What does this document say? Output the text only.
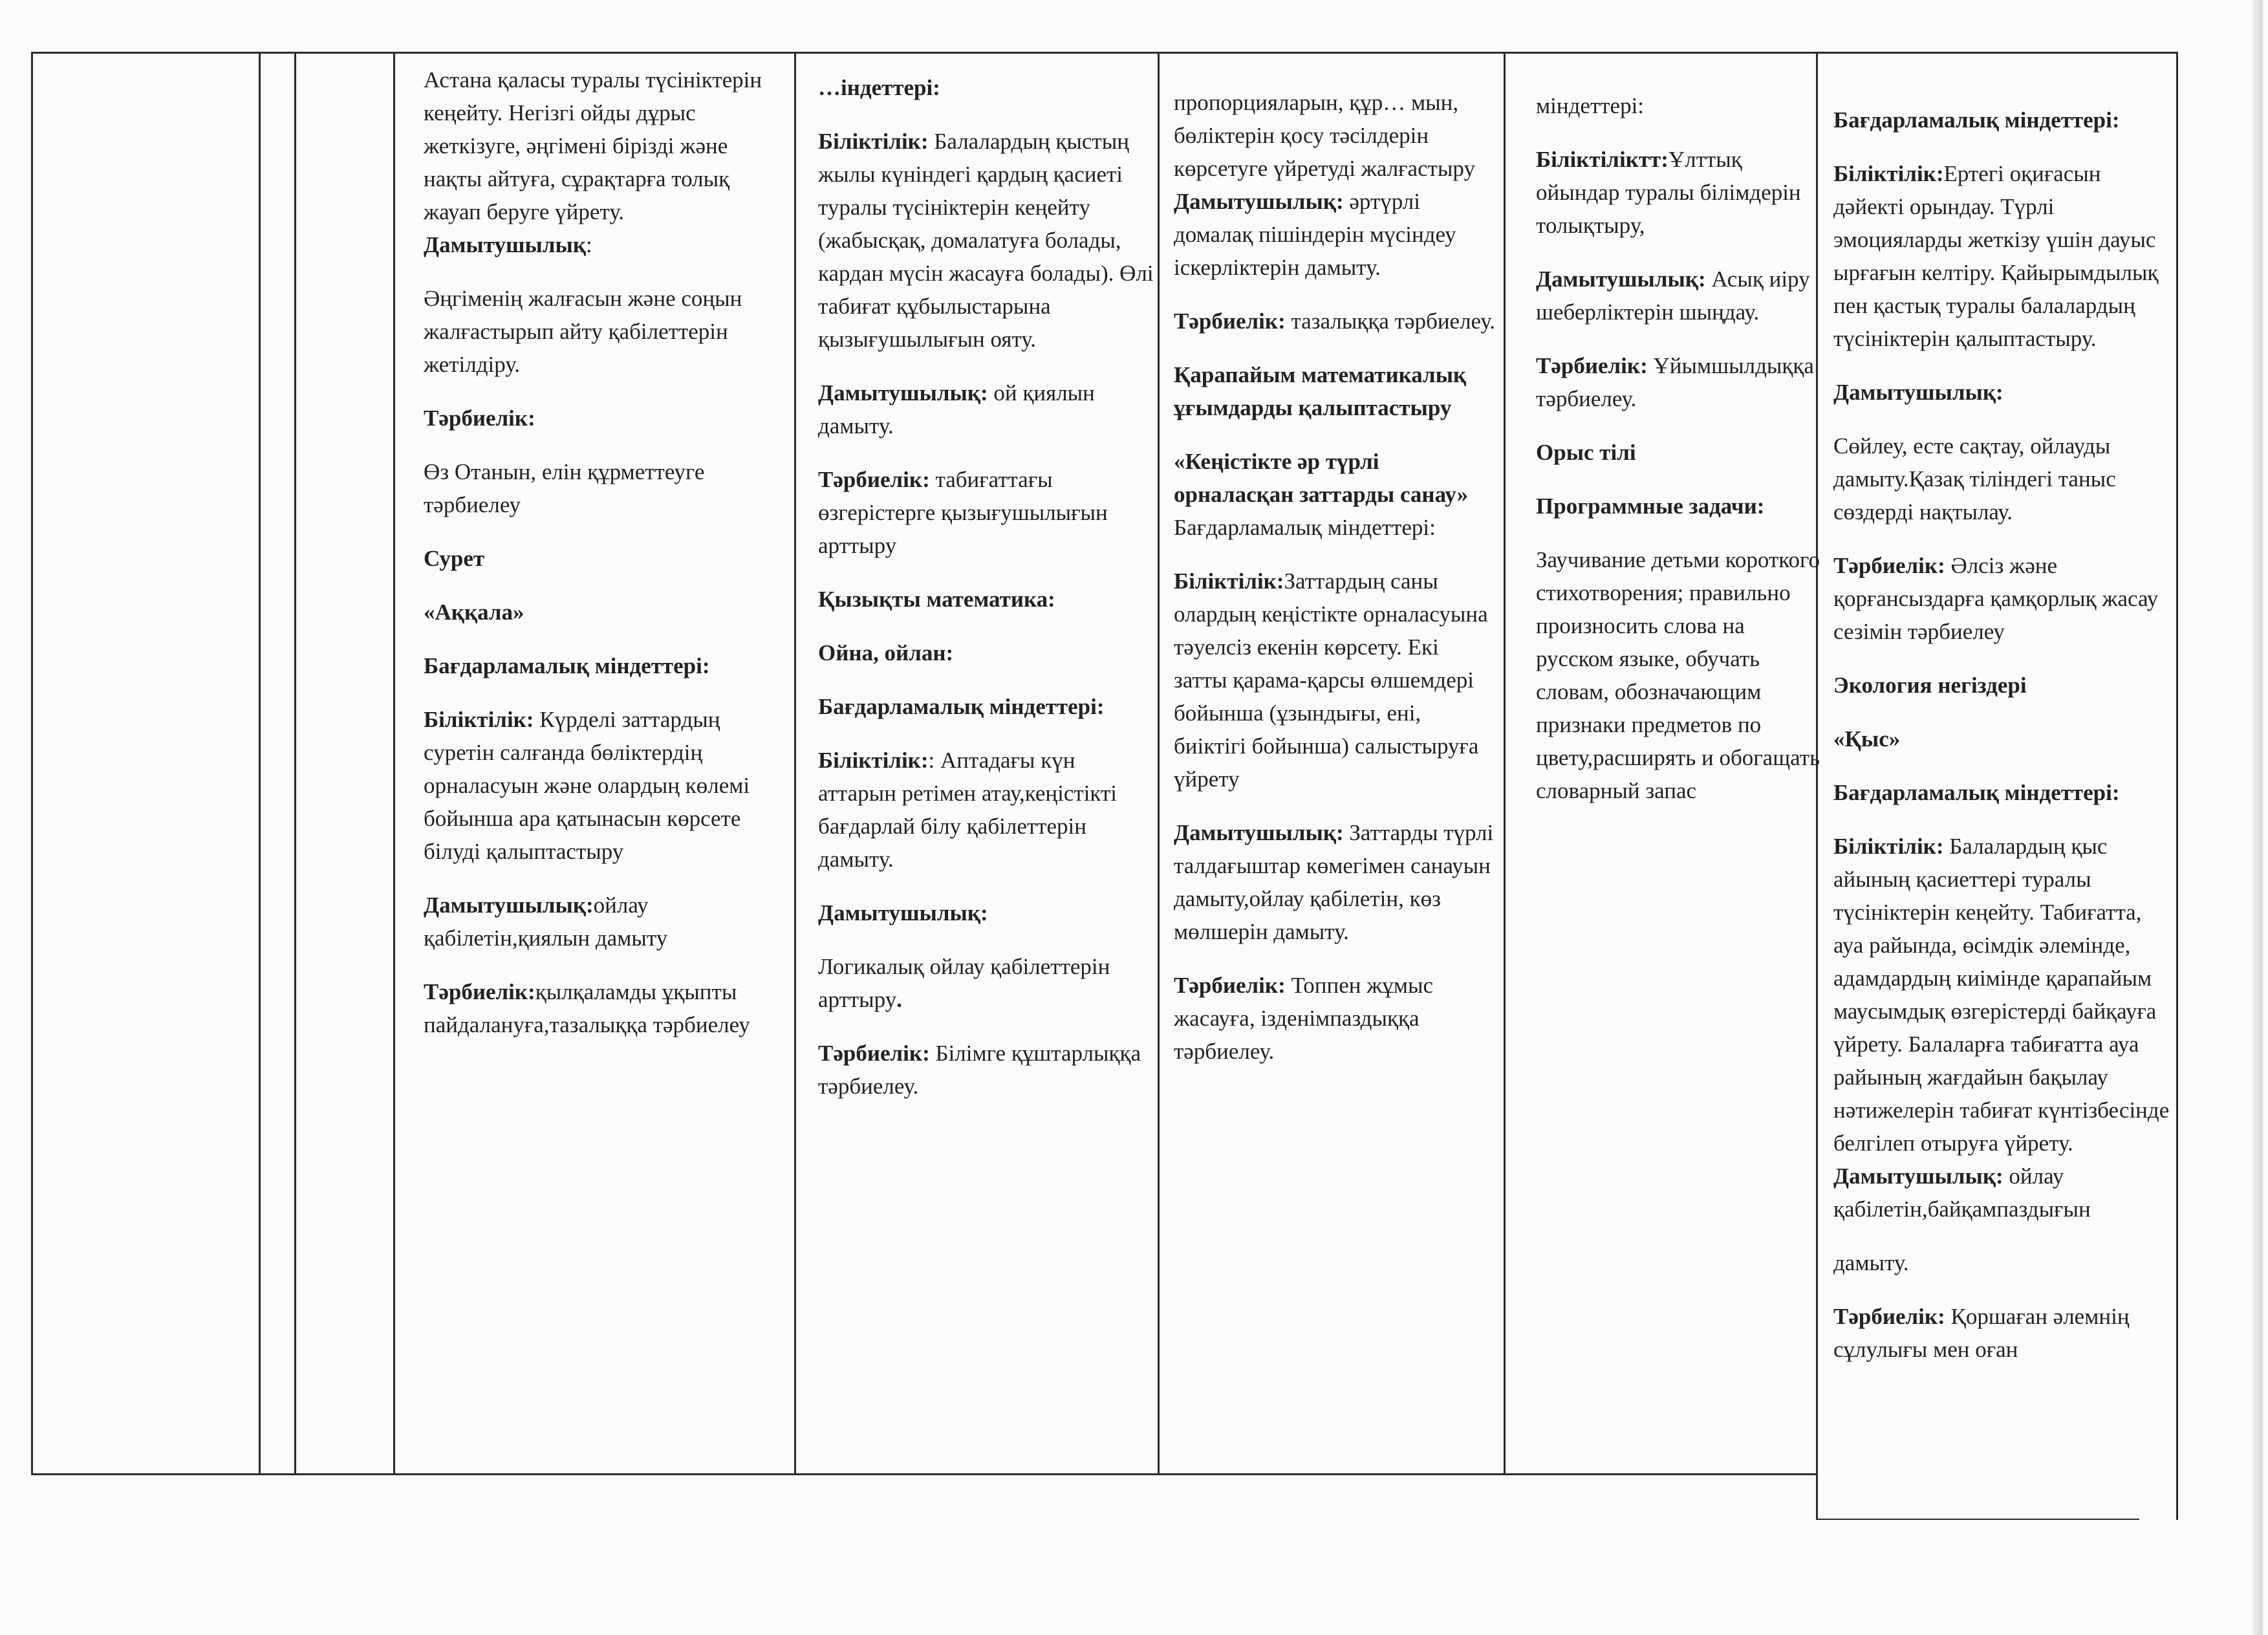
Астана қаласы туралы түсініктерін кеңейту. Негізгі ойды дұрыс жеткізуге, әңгімені бірізді және нақты айтуға, сұрақтарға толық жауап беруге үйрету. Дамытушылық:

Әңгіменің жалғасын және соңын жалғастырып айту қабілеттерін жетілдіру.

Тәрбиелік:

Өз Отанын, елін құрметтеуге тәрбиелеу

Сурет

«Аққала»

Бағдарламалық міндеттері:

Біліктілік: Күрделі заттардың суретін салғанда бөліктердің орналасуын және олардың көлемі бойынша ара қатынасын көрсете білуді қалыптастыру

Дамытушылық:ойлау қабілетін,қиялын дамыту

Тәрбиелік:қылқаламды ұқыпты пайдалануға,тазалыққа тәрбиелеу

…індеттері:

Біліктілік: Балалардың қыстың жылы күніндегі қардың қасиеті туралы түсініктерін кеңейту (жабысқақ, домалатуға болады, кардан мүсін жасауға болады). Өлі табиғат құбылыстарына қызығушылығын ояту.

Дамытушылық: ой қиялын дамыту.

Тәрбиелік: табиғаттағы өзгерістерге қызығушылығын арттыру

Қызықты математика:

Ойна, ойлан:

Бағдарламалық міндеттері:

Біліктілік:: Аптадағы күн аттарын ретімен атау,кеңістікті бағдарлай білу қабілеттерін дамыту.

Дамытушылық:

Логикалық ойлау қабілеттерін арттыру.

Тәрбиелік: Білімге құштарлыққа тәрбиелеу.

пропорцияларын, құр… мын, бөліктерін қосу тәсілдерін көрсетуге үйретуді жалғастыру Дамытушылық: әртүрлі домалақ пішіндерін мүсіндеу іскерліктерін дамыту.

Тәрбиелік: тазалыққа тәрбиелеу.

Қарапайым математикалық ұғымдарды қалыптастыру

«Кеңістікте әр түрлі орналасқан заттарды санау» Бағдарламалық міндеттері:

Біліктілік:Заттардың саны олардың кеңістікте орналасуына тәуелсіз екенін көрсету. Екі затты қарама-қарсы өлшемдері бойынша (ұзындығы, ені, биіктігі бойынша) салыстыруға үйрету

Дамытушылық: Заттарды түрлі талдағыштар көмегімен санауын дамыту,ойлау қабілетін, көз мөлшерін дамыту.

Тәрбиелік: Топпен жұмыс жасауға, ізденімпаздыққа тәрбиелеу.

міндеттері:

Біліктіліктт:Ұлттық ойындар туралы білімдерін толықтыру,

Дамытушылық: Асық иіру шеберліктерін шыңдау.

Тәрбиелік: Ұйымшылдыққа тәрбиелеу.

Орыс тілі

Программные задачи:

Заучивание детьми короткого стихотворения; правильно произносить слова на русском языке, обучать словам, обозначающим признаки предметов по цвету,расширять и обогащать словарный запас

Бағдарламалық міндеттері:

Біліктілік:Ертегі оқиғасын дәйекті орындау. Түрлі эмоцияларды жеткізу үшін дауыс ырғағын келтіру. Қайырымдылық пен қастық туралы балалардың түсініктерін қалыптастыру.

Дамытушылық:

Сөйлеу, есте сақтау, ойлауды дамыту.Қазақ тіліндегі таныс сөздерді нақтылау.

Тәрбиелік: Әлсіз және қорғансыздарға қамқорлық жасау сезімін тәрбиелеу

Экология негіздері

«Қыс»

Бағдарламалық міндеттері:

Біліктілік: Балалардың қыс айының қасиеттері туралы түсініктерін кеңейту. Табиғатта, ауа райында, өсімдік әлемінде, адамдардың киімінде қарапайым маусымдық өзгерістерді байқауға үйрету. Балаларға табиғатта ауа райының жағдайын бақылау нәтижелерін табиғат күнтізбесінде белгілеп отыруға үйрету. Дамытушылық: ойлау қабілетін,байқампаздығын

дамыту.

Тәрбиелік: Қоршаған әлемнің сұлулығы мен оған
